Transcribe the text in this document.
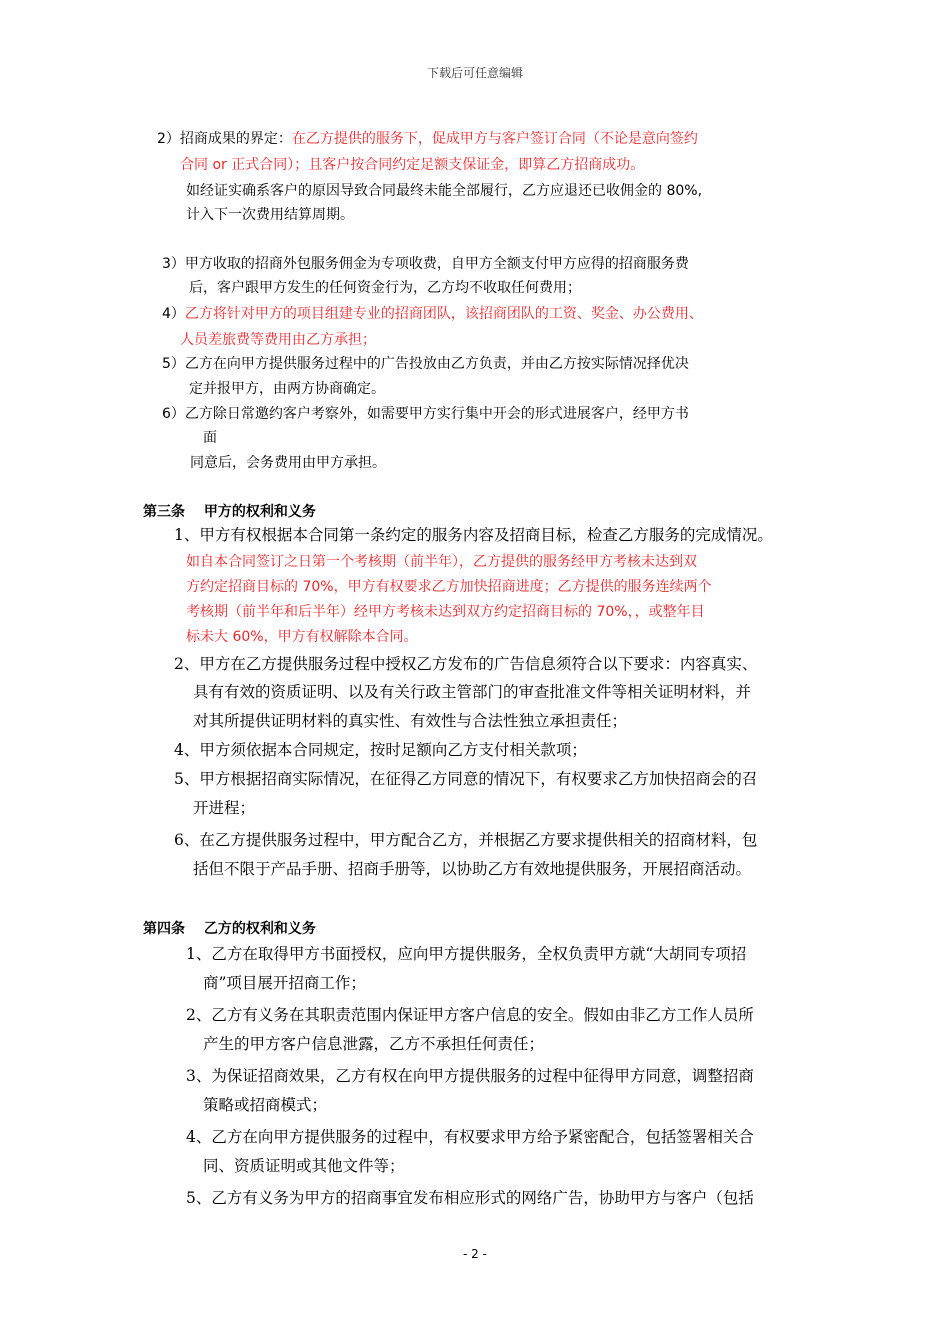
下载后可任意编辑
2）招商成果的界定：在乙方提供的服务下，促成甲方与客户签订合同（不论是意向签约
合同 or 正式合同）；且客户按合同约定足额支保证金，即算乙方招商成功。
如经证实确系客户的原因导致合同最终未能全部履行，乙方应退还已收佣金的 80%,
计入下一次费用结算周期。
3）甲方收取的招商外包服务佣金为专项收费，自甲方全额支付甲方应得的招商服务费
后，客户跟甲方发生的任何资金行为，乙方均不收取任何费用；
4）乙方将针对甲方的项目组建专业的招商团队，该招商团队的工资、奖金、办公费用、
人员差旅费等费用由乙方承担；
5）乙方在向甲方提供服务过程中的广告投放由乙方负责，并由乙方按实际情况择优决
定并报甲方，由两方协商确定。
6）乙方除日常邀约客户考察外，如需要甲方实行集中开会的形式进展客户，经甲方书
面
同意后，会务费用由甲方承担。
第三条　 甲方的权利和义务
1、甲方有权根据本合同第一条约定的服务内容及招商目标，检查乙方服务的完成情况。
如自本合同签订之日第一个考核期（前半年），乙方提供的服务经甲方考核未达到双
方约定招商目标的 70%，甲方有权要求乙方加快招商进度；乙方提供的服务连续两个
考核期（前半年和后半年）经甲方考核未达到双方约定招商目标的 70%，，或整年目
标未大 60%，甲方有权解除本合同。
2、甲方在乙方提供服务过程中授权乙方发布的广告信息须符合以下要求：内容真实、
具有有效的资质证明、以及有关行政主管部门的审查批准文件等相关证明材料，并
对其所提供证明材料的真实性、有效性与合法性独立承担责任；
4、甲方须依据本合同规定，按时足额向乙方支付相关款项；
5、甲方根据招商实际情况，在征得乙方同意的情况下，有权要求乙方加快招商会的召
开进程；
6、在乙方提供服务过程中，甲方配合乙方，并根据乙方要求提供相关的招商材料，包
括但不限于产品手册、招商手册等，以协助乙方有效地提供服务，开展招商活动。
第四条　 乙方的权利和义务
1、乙方在取得甲方书面授权，应向甲方提供服务，全权负责甲方就“大胡同专项招
商”项目展开招商工作；
2、乙方有义务在其职责范围内保证甲方客户信息的安全。假如由非乙方工作人员所
产生的甲方客户信息泄露，乙方不承担任何责任；
3、为保证招商效果，乙方有权在向甲方提供服务的过程中征得甲方同意，调整招商
策略或招商模式；
4、乙方在向甲方提供服务的过程中，有权要求甲方给予紧密配合，包括签署相关合
同、资质证明或其他文件等；
5、乙方有义务为甲方的招商事宜发布相应形式的网络广告，协助甲方与客户（包括
- 2 -
